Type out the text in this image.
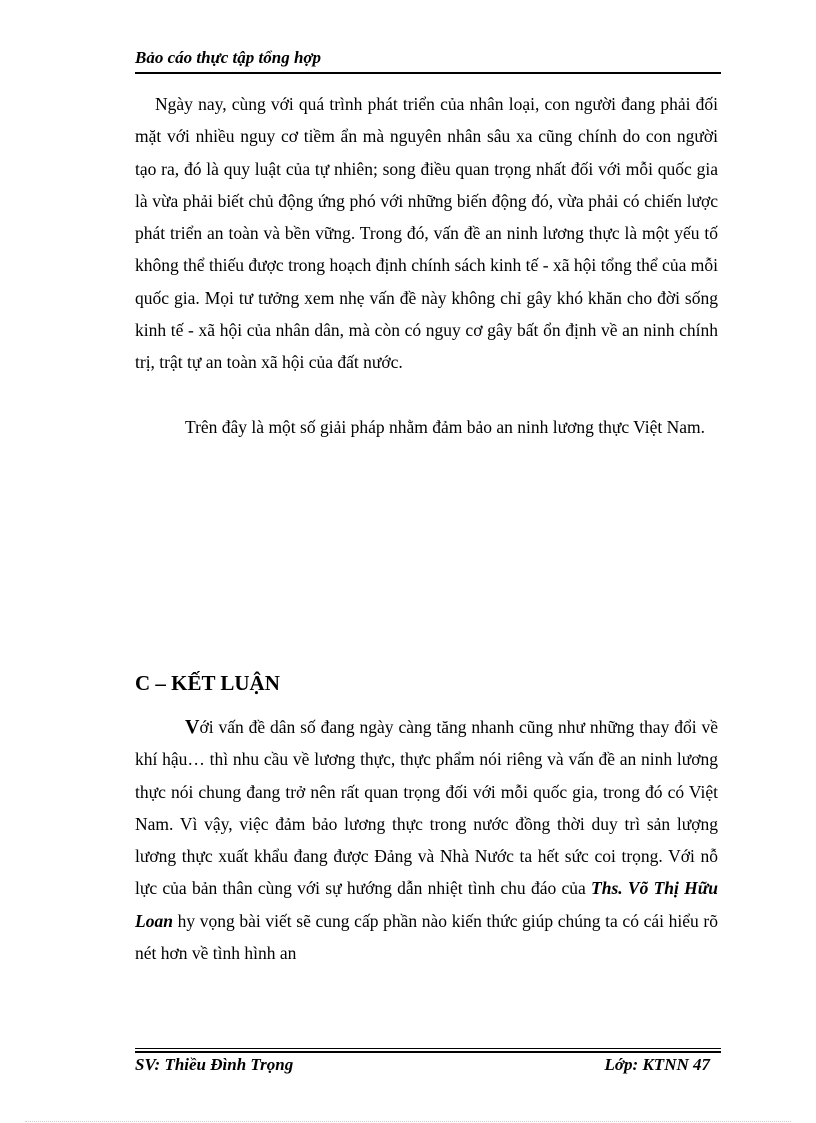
Bảo cáo thực tập tổng hợp

Ngày nay, cùng với quá trình phát triển của nhân loại, con người đang phải đối mặt với nhiều nguy cơ tiềm ẩn mà nguyên nhân sâu xa cũng chính do con người tạo ra, đó là quy luật của tự nhiên; song điều quan trọng nhất đối với mỗi quốc gia là vừa phải biết chủ động ứng phó với những biến động đó, vừa phải có chiến lược phát triển an toàn và bền vững. Trong đó, vấn đề an ninh lương thực là một yếu tố không thể thiếu được trong hoạch định chính sách kinh tế - xã hội tổng thể của mỗi quốc gia. Mọi tư tưởng xem nhẹ vấn đề này không chỉ gây khó khăn cho đời sống kinh tế - xã hội của nhân dân, mà còn có nguy cơ gây bất ổn định về an ninh chính trị, trật tự an toàn xã hội của đất nước.

Trên đây là một số giải pháp nhằm đảm bảo an ninh lương thực Việt Nam.

C – KẾT LUẬN

Với vấn đề dân số đang ngày càng tăng nhanh cũng như những thay đổi về khí hậu… thì nhu cầu về lương thực, thực phẩm nói riêng và vấn đề an ninh lương thực nói chung đang trở nên rất quan trọng đối với mỗi quốc gia, trong đó có Việt Nam. Vì vậy, việc đảm bảo lương thực trong nước đồng thời duy trì sản lượng lương thực xuất khẩu đang được Đảng và Nhà Nước ta hết sức coi trọng. Với nỗ lực của bản thân cùng với sự hướng dẫn nhiệt tình chu đáo của Ths. Võ Thị Hữu Loan hy vọng bài viết sẽ cung cấp phần nào kiến thức giúp chúng ta có cái hiểu rõ nét hơn về tình hình an

SV: Thiều Đình Trọng	Lớp: KTNN 47
